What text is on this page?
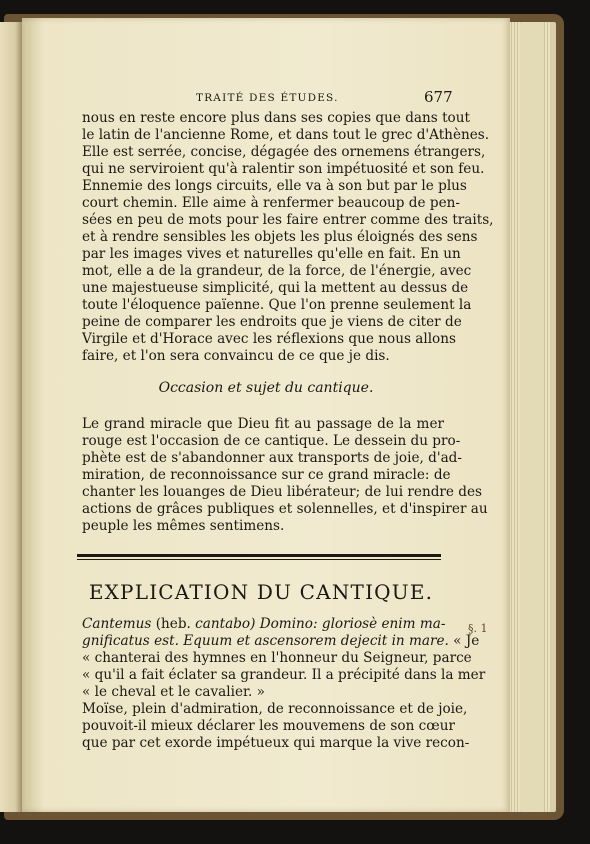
TRAITÉ DES ÉTUDES.	677
nous en reste encore plus dans ses copies que dans tout
le latin de l'ancienne Rome, et dans tout le grec d'Athènes.
Elle est serrée, concise, dégagée des ornemens étrangers,
qui ne serviroient qu'à ralentir son impétuosité et son feu.
Ennemie des longs circuits, elle va à son but par le plus
court chemin. Elle aime à renfermer beaucoup de pen-
sées en peu de mots pour les faire entrer comme des traits,
et à rendre sensibles les objets les plus éloignés des sens
par les images vives et naturelles qu'elle en fait. En un
mot, elle a de la grandeur, de la force, de l'énergie, avec
une majestueuse simplicité, qui la mettent au dessus de
toute l'éloquence païenne. Que l'on prenne seulement la
peine de comparer les endroits que je viens de citer de
Virgile et d'Horace avec les réflexions que nous allons
faire, et l'on sera convaincu de ce que je dis.
Occasion et sujet du cantique.
Le grand miracle que Dieu fit au passage de la mer
rouge est l'occasion de ce cantique. Le dessein du pro-
phète est de s'abandonner aux transports de joie, d'ad-
miration, de reconnoissance sur ce grand miracle: de
chanter les louanges de Dieu libérateur; de lui rendre des
actions de grâces publiques et solennelles, et d'inspirer au
peuple les mêmes sentimens.
EXPLICATION DU CANTIQUE.
§. 1
Cantemus (heb. cantabo) Domino: gloriosè enim ma-
gnificatus est. Equum et ascensorem dejecit in mare. « Je
« chanterai des hymnes en l'honneur du Seigneur, parce
« qu'il a fait éclater sa grandeur. Il a précipité dans la mer
« le cheval et le cavalier. »
Moïse, plein d'admiration, de reconnoissance et de joie,
pouvoit-il mieux déclarer les mouvemens de son cœur
que par cet exorde impétueux qui marque la vive recon-
